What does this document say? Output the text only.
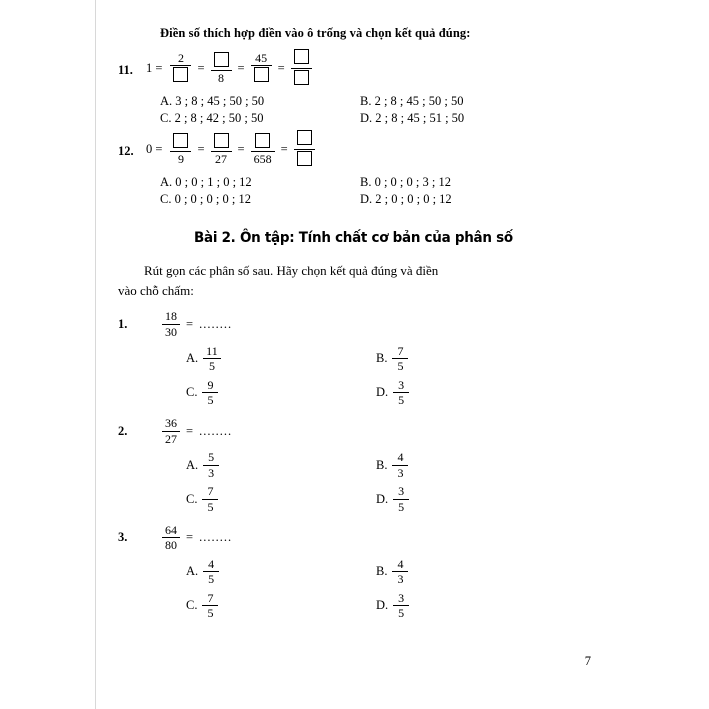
Điền số thích hợp điền vào ô trống và chọn kết quả đúng:
11.	1 =
2
=
8
=
45
=
A. 3 ; 8 ; 45 ; 50 ; 50	B. 2 ; 8 ; 45 ; 50 ; 50
C. 2 ; 8 ; 42 ; 50 ; 50	D. 2 ; 8 ; 45 ; 51 ; 50
12. 0 =
9
=
27
=
658
=
A. 0 ; 0 ; 1 ; 0 ; 12	B. 0 ; 0 ; 0 ; 3 ; 12
C. 0 ; 0 ; 0 ; 0 ; 12	D. 2 ; 0 ; 0 ; 0 ; 12
Bài 2. Ôn tập: Tính chất cơ bản của phân số
Rút gọn các phân số sau. Hãy chọn kết quả đúng và điền
vào chỗ chấm:
1.	$\frac{18}{30}$ = ........
A. $\frac{11}{5}$	B. $\frac{7}{5}$
C. $\frac{9}{5}$	D. $\frac{3}{5}$
2.	$\frac{36}{27}$ = ........
A. $\frac{5}{3}$	B. $\frac{4}{3}$
C. $\frac{7}{5}$	D. $\frac{3}{5}$
3.	$\frac{64}{80}$ = ........
A. $\frac{4}{5}$	B. $\frac{4}{3}$
C. $\frac{7}{5}$	D. $\frac{3}{5}$
7
